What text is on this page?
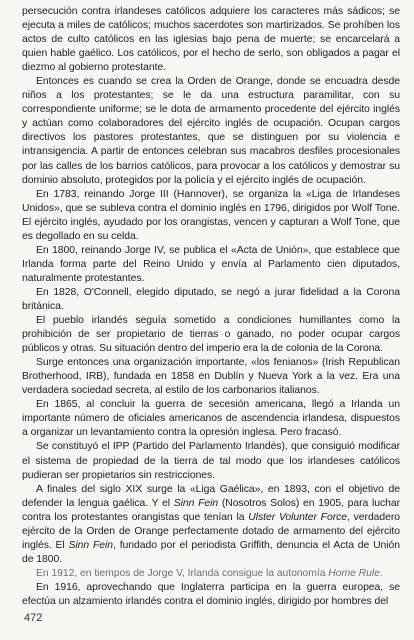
persecución contra irlandeses católicos adquiere los caracteres más sádicos; se ejecuta a miles de católicos; muchos sacerdotes son martirizados. Se prohíben los actos de culto católicos en las iglesias bajo pena de muerte; se encarcelará a quien hable gaélico. Los católicos, por el hecho de serlo, son obligados a pagar el diezmo al gobierno protestante.

Entonces es cuando se crea la Orden de Orange, donde se encuadra desde niños a los protestantes; se le da una estructura paramilitar, con su correspondiente uniforme; se le dota de armamento procedente del ejército inglés y actúan como colaboradores del ejército inglés de ocupación. Ocupan cargos directivos los pastores protestantes, que se distinguen por su violencia e intransigencia. A partir de entonces celebran sus macabros desfiles procesionales por las calles de los barrios católicos, para provocar a los católicos y demostrar su dominio absoluto, protegidos por la policía y el ejército inglés de ocupación.

En 1783, reinando Jorge III (Hannover), se organiza la «Liga de Irlandeses Unidos», que se subleva contra el dominio inglés en 1796, dirigidos por Wolf Tone. El ejército inglés, ayudado por los orangistas, vencen y capturan a Wolf Tone, que es degollado en su celda.

En 1800, reinando Jorge IV, se publica el «Acta de Unión», que establece que Irlanda forma parte del Reino Unido y envía al Parlamento cien diputados, naturalmente protestantes.

En 1828, O'Connell, elegido diputado, se negó a jurar fidelidad a la Corona británica.

El pueblo irlandés seguía sometido a condiciones humillantes como la prohibición de ser propietario de tierras o ganado, no poder ocupar cargos públicos y otras. Su situación dentro del imperio era la de colonia de la Corona.

Surge entonces una organización importante, «los fenianos» (Irish Republican Brotherhood, IRB), fundada en 1858 en Dublín y Nueva York a la vez. Era una verdadera sociedad secreta, al estilo de los carbonarios italianos.

En 1865, al concluir la guerra de secesión americana, llegó a Irlanda un importante número de oficiales americanos de ascendencia irlandesa, dispuestos a organizar un levantamiento contra la opresión inglesa. Pero fracasó.

Se constituyó el IPP (Partido del Parlamento Irlandés), que consiguió modificar el sistema de propiedad de la tierra de tal modo que los irlandeses católicos pudieran ser propietarios sin restricciones.

A finales del siglo XIX surge la «Liga Gaélica», en 1893, con el objetivo de defender la lengua gaélica. Y el Sinn Fein (Nosotros Solos) en 1905, para luchar contra los protestantes orangistas que tenían la Ulster Volunter Force, verdadero ejército de la Orden de Orange perfectamente dotado de armamento del ejército inglés. El Sinn Fein, fundado por el periodista Griffith, denuncia el Acta de Unión de 1800.

En 1912, en tiempos de Jorge V, Irlanda consigue la autonomía Home Rule.

En 1916, aprovechando que Inglaterra participa en la guerra europea, se efectúa un alzamiento irlandés contra el dominio inglés, dirigido por hombres del

472
